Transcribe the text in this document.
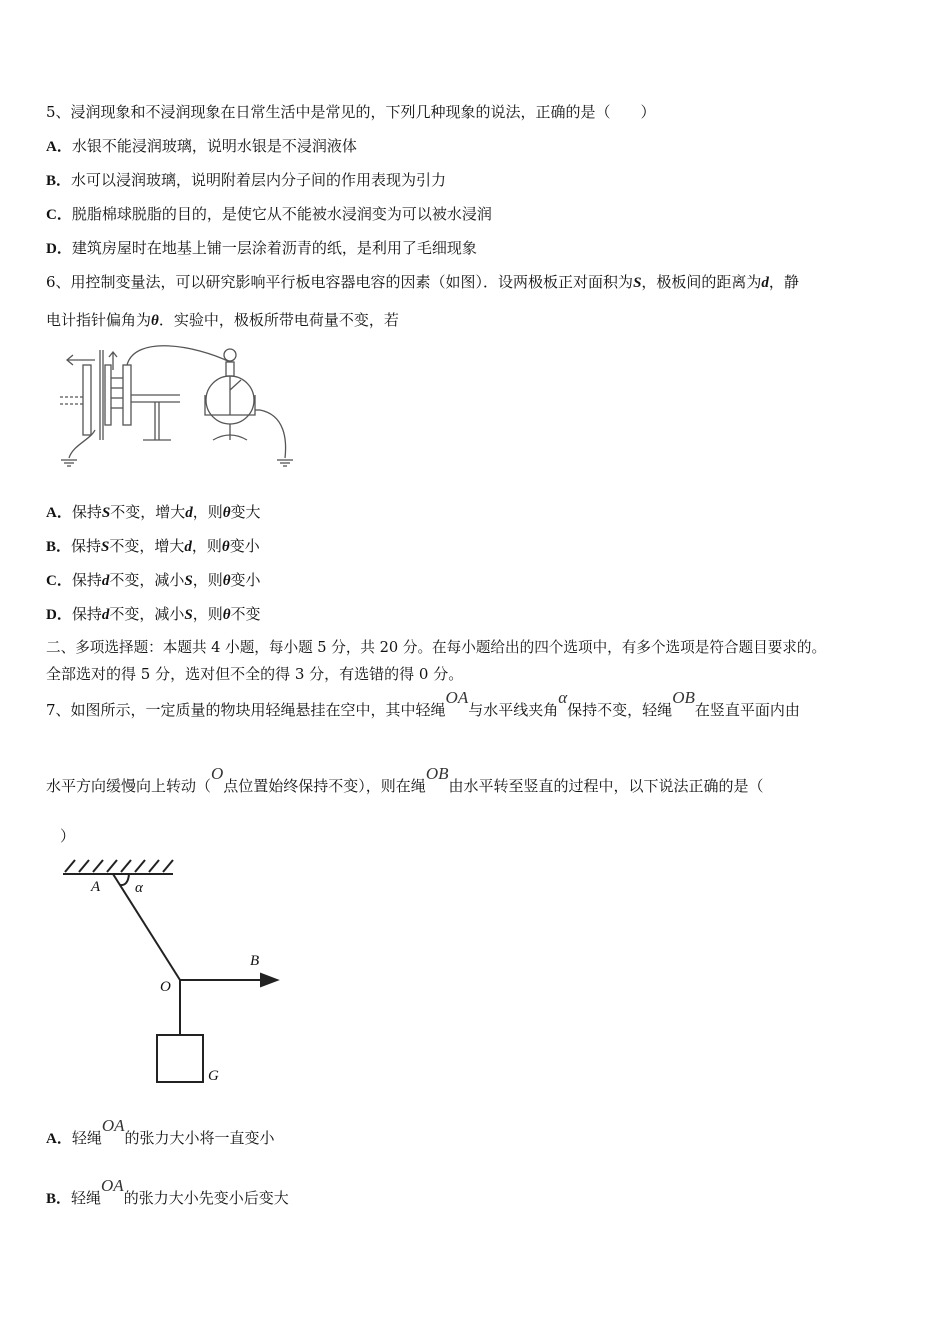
5、浸润现象和不浸润现象在日常生活中是常见的，下列几种现象的说法，正确的是（　　）
A．水银不能浸润玻璃，说明水银是不浸润液体
B．水可以浸润玻璃，说明附着层内分子间的作用表现为引力
C．脱脂棉球脱脂的目的，是使它从不能被水浸润变为可以被水浸润
D．建筑房屋时在地基上铺一层涂着沥青的纸，是利用了毛细现象
6、用控制变量法，可以研究影响平行板电容器电容的因素（如图）．设两极板正对面积为S，极板间的距离为d，静
电计指针偏角为θ．实验中，极板所带电荷量不变，若
A．保持S不变，增大d，则θ变大
B．保持S不变，增大d，则θ变小
C．保持d不变，减小S，则θ变小
D．保持d不变，减小S，则θ不变
二、多项选择题：本题共 4 小题，每小题 5 分，共 20 分。在每小题给出的四个选项中，有多个选项是符合题目要求的。
全部选对的得 5 分，选对但不全的得 3 分，有选错的得 0 分。
7、如图所示，一定质量的物块用轻绳悬挂在空中，其中轻绳OA与水平线夹角α保持不变，轻绳OB在竖直平面内由
水平方向缓慢向上转动（O点位置始终保持不变），则在绳OB由水平转至竖直的过程中，以下说法正确的是（
）
A α
O
B
G
A．轻绳OA的张力大小将一直变小
B．轻绳OA的张力大小先变小后变大
